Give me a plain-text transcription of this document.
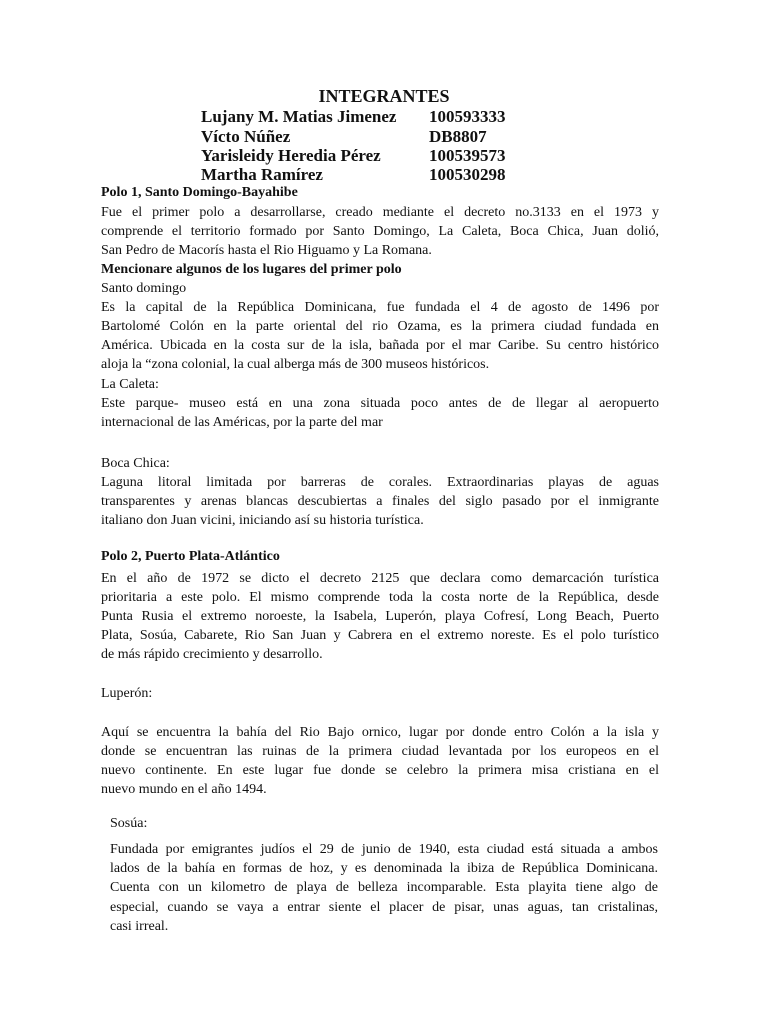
INTEGRANTES
Lujany M. Matias Jimenez 100593333
Vícto Núñez	DB8807
Yarisleidy Heredia Pérez	100539573
Martha Ramírez	100530298
Polo 1, Santo Domingo-Bayahibe
Fue el primer polo a desarrollarse, creado mediante el decreto no.3133 en el 1973 y
comprende el territorio formado por Santo Domingo, La Caleta, Boca Chica, Juan dolió,
San Pedro de Macorís hasta el Rio Higuamo y La Romana.
Mencionare algunos de los lugares del primer polo
Santo domingo
Es la capital de la República Dominicana, fue fundada el 4 de agosto de 1496 por
Bartolomé Colón en la parte oriental del rio Ozama, es la primera ciudad fundada en
América. Ubicada en la costa sur de la isla, bañada por el mar Caribe. Su centro histórico
aloja la “zona colonial, la cual alberga más de 300 museos históricos.
La Caleta:
Este parque- museo está en una zona situada poco antes de de llegar al aeropuerto
internacional de las Américas, por la parte del mar
Boca Chica:
Laguna litoral limitada por barreras de corales. Extraordinarias playas de aguas
transparentes y arenas blancas descubiertas a finales del siglo pasado por el inmigrante
italiano don Juan vicini, iniciando así su historia turística.
Polo 2, Puerto Plata-Atlántico
En el año de 1972 se dicto el decreto 2125 que declara como demarcación turística
prioritaria a este polo. El mismo comprende toda la costa norte de la República, desde
Punta Rusia el extremo noroeste, la Isabela, Luperón, playa Cofresí, Long Beach, Puerto
Plata, Sosúa, Cabarete, Rio San Juan y Cabrera en el extremo noreste. Es el polo turístico
de más rápido crecimiento y desarrollo.
Luperón:
Aquí se encuentra la bahía del Rio Bajo ornico, lugar por donde entro Colón a la isla y
donde se encuentran las ruinas de la primera ciudad levantada por los europeos en el
nuevo continente. En este lugar fue donde se celebro la primera misa cristiana en el
nuevo mundo en el año 1494.
Sosúa:
Fundada por emigrantes judíos el 29 de junio de 1940, esta ciudad está situada a ambos
lados de la bahía en formas de hoz, y es denominada la ibiza de República Dominicana.
Cuenta con un kilometro de playa de belleza incomparable. Esta playita tiene algo de
especial, cuando se vaya a entrar siente el placer de pisar, unas aguas, tan cristalinas,
casi irreal.
